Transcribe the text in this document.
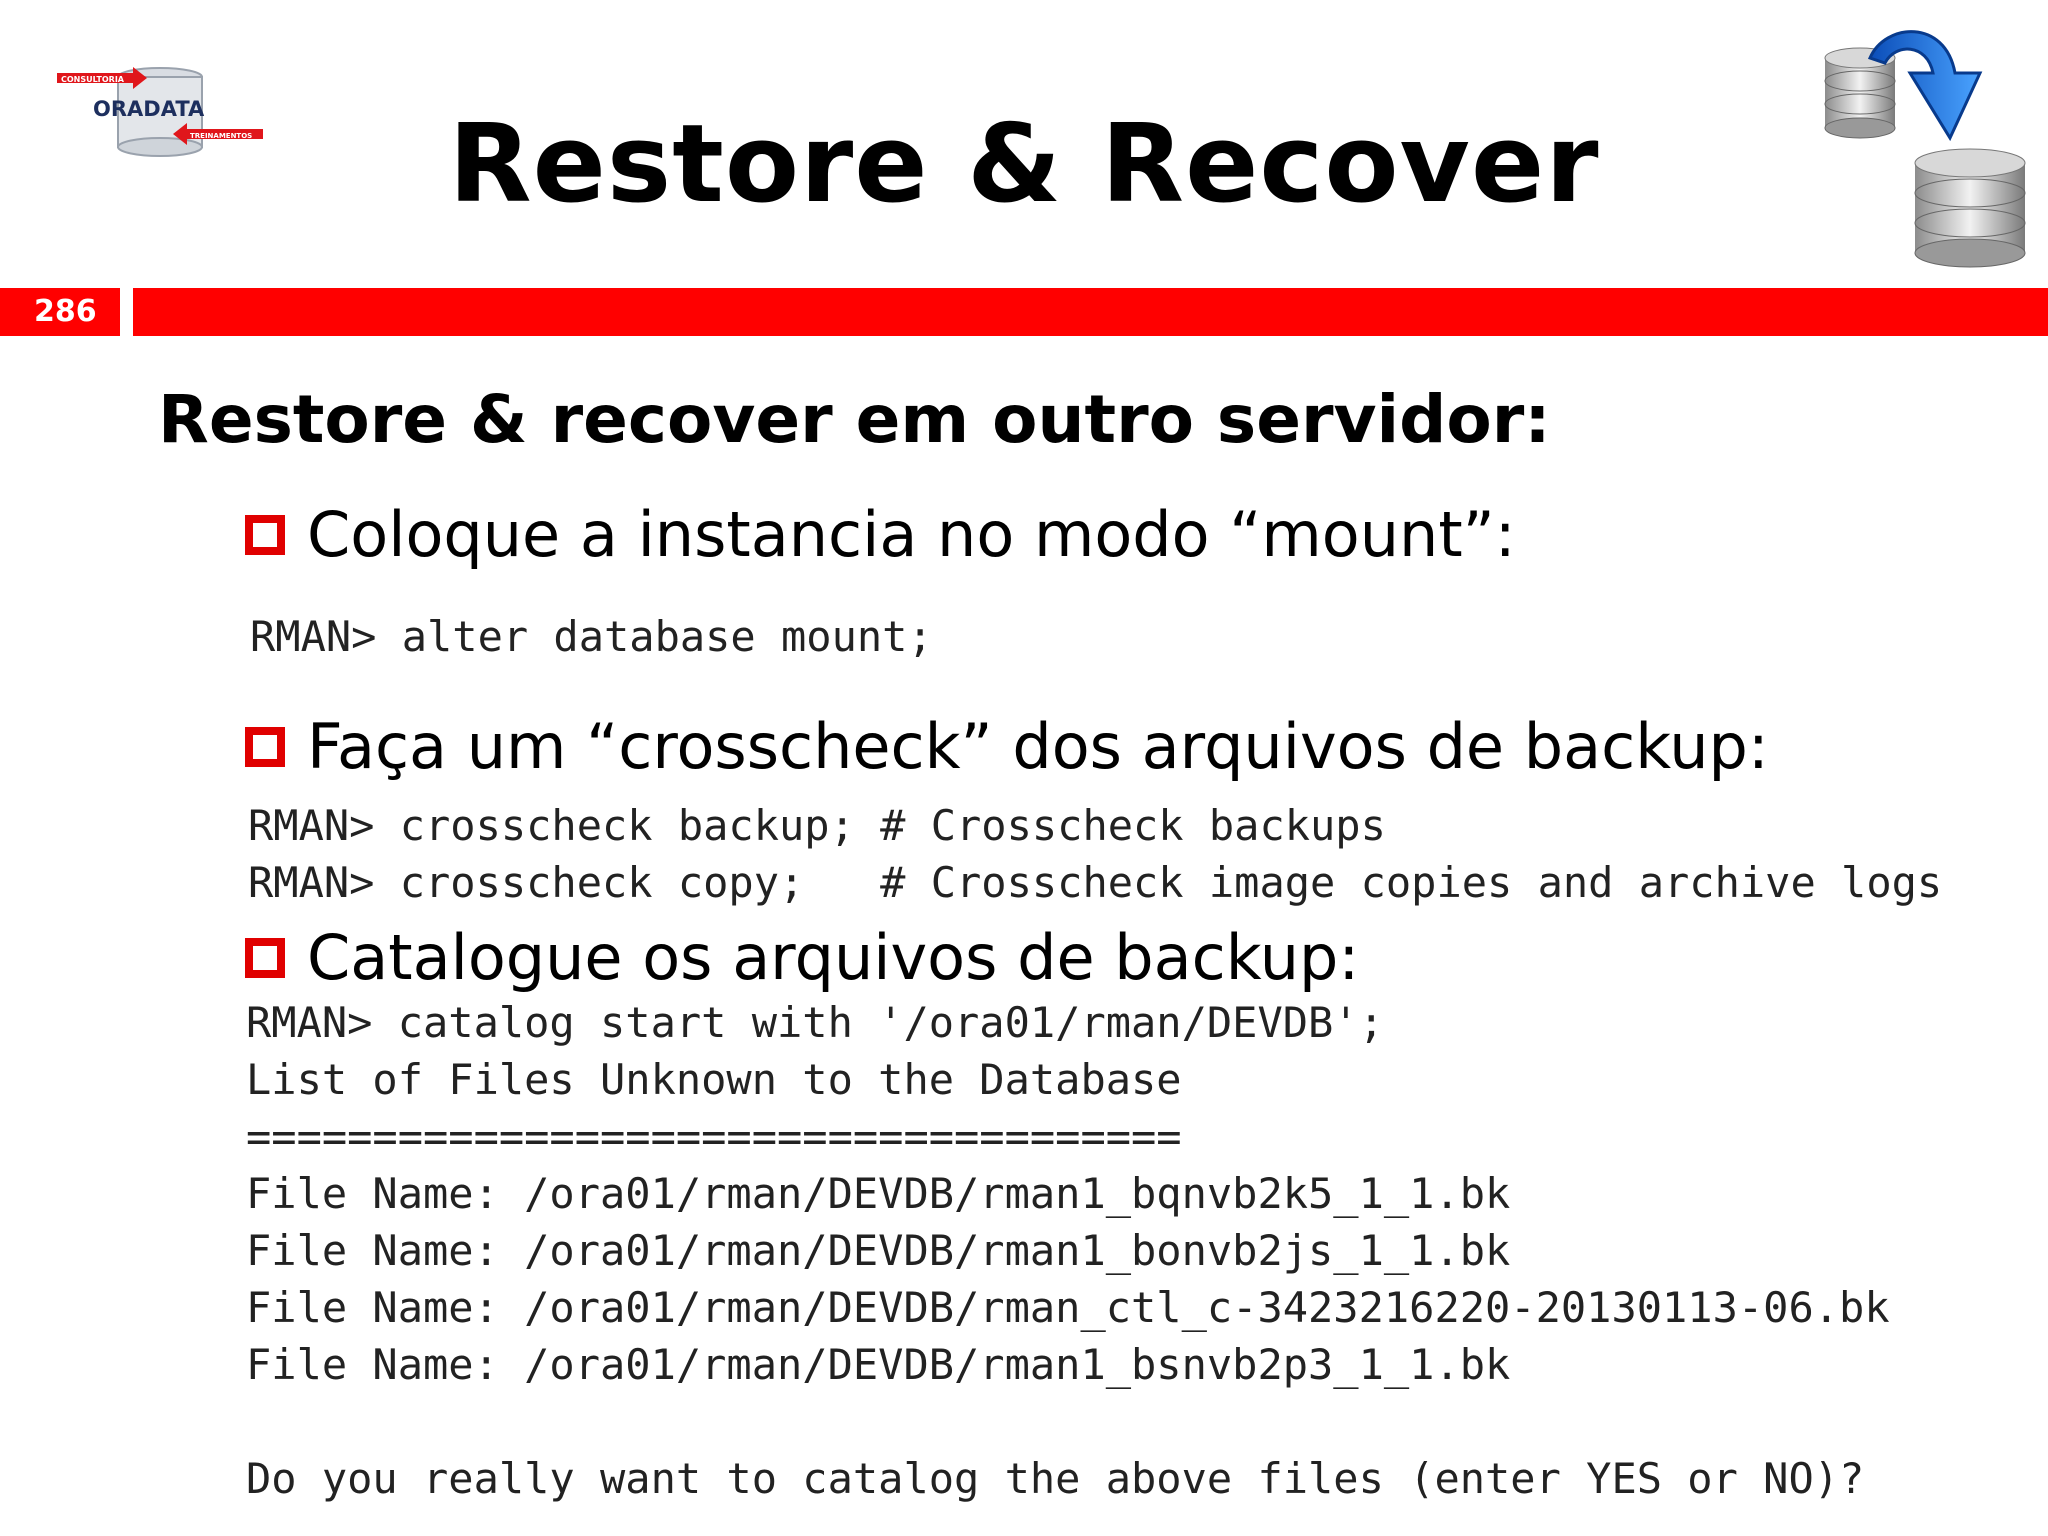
CONSULTORIA
ORADATA
TREINAMENTOS	Restore & Recover
286
Restore & recover em outro servidor:
Coloque a instancia no modo “mount”:
RMAN> alter database mount;
Faça um “crosscheck” dos arquivos de backup:
RMAN> crosscheck backup; # Crosscheck backups
RMAN> crosscheck copy;   # Crosscheck image copies and archive logs
Catalogue os arquivos de backup:
RMAN> catalog start with '/ora01/rman/DEVDB';
List of Files Unknown to the Database
=====================================
File Name: /ora01/rman/DEVDB/rman1_bqnvb2k5_1_1.bk
File Name: /ora01/rman/DEVDB/rman1_bonvb2js_1_1.bk
File Name: /ora01/rman/DEVDB/rman_ctl_c-3423216220-20130113-06.bk
File Name: /ora01/rman/DEVDB/rman1_bsnvb2p3_1_1.bk

Do you really want to catalog the above files (enter YES or NO)?
